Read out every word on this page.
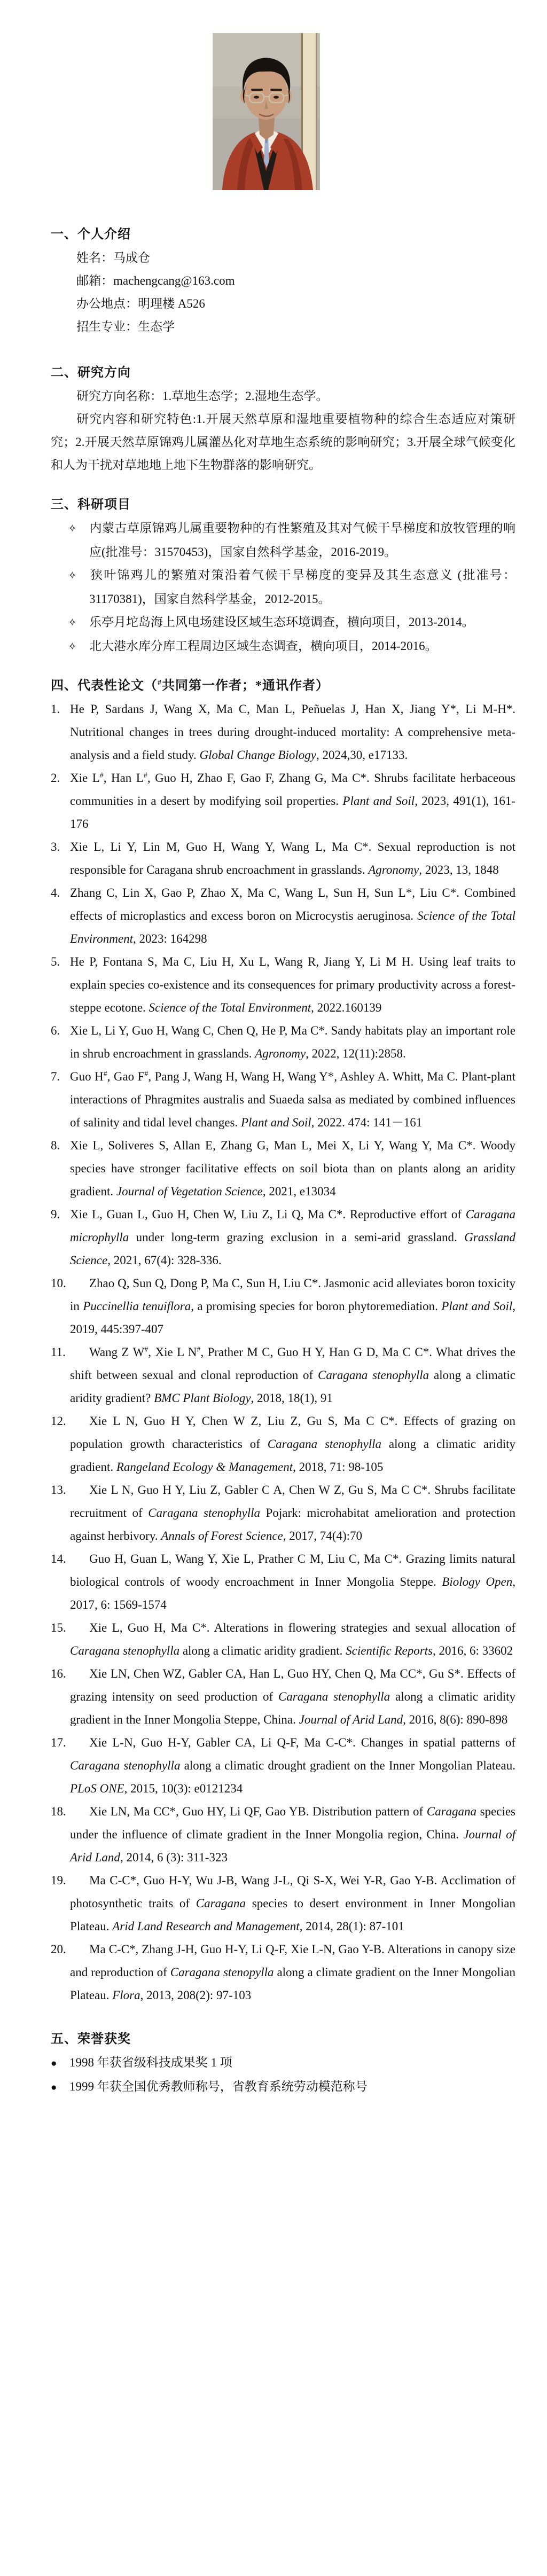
一、个人介绍
姓名：马成仓
邮箱：machengcang@163.com
办公地点：明理楼 A526
招生专业：生态学
二、研究方向

研究方向名称：1.草地生态学；2.湿地生态学。

研究内容和研究特色:1.开展天然草原和湿地重要植物种的综合生态适应对策研究；2.开展天然草原锦鸡儿属灌丛化对草地生态系统的影响研究；3.开展全球气候变化和人为干扰对草地地上地下生物群落的影响研究。

三、科研项目
✧ 内蒙古草原锦鸡儿属重要物种的有性繁殖及其对气候干旱梯度和放牧管理的响应(批准号：31570453)，国家自然科学基金，2016-2019。
✧ 狭叶锦鸡儿的繁殖对策沿着气候干旱梯度的变异及其生态意义 (批准号：31170381)，国家自然科学基金，2012-2015。
✧ 乐亭月坨岛海上风电场建设区域生态环境调查，横向项目，2013-2014。
✧ 北大港水库分库工程周边区域生态调查，横向项目，2014-2016。
四、代表性论文（#共同第一作者；*通讯作者）
1. He P, Sardans J, Wang X, Ma C, Man L, Peñuelas J, Han X, Jiang Y*, Li M-H*. Nutritional changes in trees during drought-induced mortality: A comprehensive meta-analysis and a field study. Global Change Biology, 2024,30, e17133.
2. Xie L#, Han L#, Guo H, Zhao F, Gao F, Zhang G, Ma C*. Shrubs facilitate herbaceous communities in a desert by modifying soil properties. Plant and Soil, 2023, 491(1), 161-176
3. Xie L, Li Y, Lin M, Guo H, Wang Y, Wang L, Ma C*. Sexual reproduction is not responsible for Caragana shrub encroachment in grasslands. Agronomy, 2023, 13, 1848
4. Zhang C, Lin X, Gao P, Zhao X, Ma C, Wang L, Sun H, Sun L*, Liu C*. Combined effects of microplastics and excess boron on Microcystis aeruginosa. Science of the Total Environment, 2023: 164298
5. He P, Fontana S, Ma C, Liu H, Xu L, Wang R, Jiang Y, Li M H. Using leaf traits to explain species co-existence and its consequences for primary productivity across a forest-steppe ecotone. Science of the Total Environment, 2022.160139
6. Xie L, Li Y, Guo H, Wang C, Chen Q, He P, Ma C*. Sandy habitats play an important role in shrub encroachment in grasslands. Agronomy, 2022, 12(11):2858.
7. Guo H#, Gao F#, Pang J, Wang H, Wang H, Wang Y*, Ashley A. Whitt, Ma C. Plant-plant interactions of Phragmites australis and Suaeda salsa as mediated by combined influences of salinity and tidal level changes. Plant and Soil, 2022. 474: 141－161
8. Xie L, Soliveres S, Allan E, Zhang G, Man L, Mei X, Li Y, Wang Y, Ma C*. Woody species have stronger facilitative effects on soil biota than on plants along an aridity gradient. Journal of Vegetation Science, 2021, e13034
9. Xie L, Guan L, Guo H, Chen W, Liu Z, Li Q, Ma C*. Reproductive effort of Caragana microphylla under long-term grazing exclusion in a semi-arid grassland. Grassland Science, 2021, 67(4): 328-336.
10. Zhao Q, Sun Q, Dong P, Ma C, Sun H, Liu C*. Jasmonic acid alleviates boron toxicity in Puccinellia tenuiflora, a promising species for boron phytoremediation. Plant and Soil, 2019, 445:397-407
11. Wang Z W#, Xie L N#, Prather M C, Guo H Y, Han G D, Ma C C*. What drives the shift between sexual and clonal reproduction of Caragana stenophylla along a climatic aridity gradient? BMC Plant Biology, 2018, 18(1), 91
12. Xie L N, Guo H Y, Chen W Z, Liu Z, Gu S, Ma C C*. Effects of grazing on population growth characteristics of Caragana stenophylla along a climatic aridity gradient. Rangeland Ecology & Management, 2018, 71: 98-105
13. Xie L N, Guo H Y, Liu Z, Gabler C A, Chen W Z, Gu S, Ma C C*. Shrubs facilitate recruitment of Caragana stenophylla Pojark: microhabitat amelioration and protection against herbivory. Annals of Forest Science, 2017, 74(4):70
14. Guo H, Guan L, Wang Y, Xie L, Prather C M, Liu C, Ma C*. Grazing limits natural biological controls of woody encroachment in Inner Mongolia Steppe. Biology Open, 2017, 6: 1569-1574
15. Xie L, Guo H, Ma C*. Alterations in flowering strategies and sexual allocation of Caragana stenophylla along a climatic aridity gradient. Scientific Reports, 2016, 6: 33602
16. Xie LN, Chen WZ, Gabler CA, Han L, Guo HY, Chen Q, Ma CC*, Gu S*. Effects of grazing intensity on seed production of Caragana stenophylla along a climatic aridity gradient in the Inner Mongolia Steppe, China. Journal of Arid Land, 2016, 8(6): 890-898
17. Xie L-N, Guo H-Y, Gabler CA, Li Q-F, Ma C-C*. Changes in spatial patterns of Caragana stenophylla along a climatic drought gradient on the Inner Mongolian Plateau. PLoS ONE, 2015, 10(3): e0121234
18. Xie LN, Ma CC*, Guo HY, Li QF, Gao YB. Distribution pattern of Caragana species under the influence of climate gradient in the Inner Mongolia region, China. Journal of Arid Land, 2014, 6 (3): 311-323
19. Ma C-C*, Guo H-Y, Wu J-B, Wang J-L, Qi S-X, Wei Y-R, Gao Y-B. Acclimation of photosynthetic traits of Caragana species to desert environment in Inner Mongolian Plateau. Arid Land Research and Management, 2014, 28(1): 87-101
20. Ma C-C*, Zhang J-H, Guo H-Y, Li Q-F, Xie L-N, Gao Y-B. Alterations in canopy size and reproduction of Caragana stenopylla along a climate gradient on the Inner Mongolian Plateau. Flora, 2013, 208(2): 97-103
五、荣誉获奖
● 1998 年获省级科技成果奖 1 项
● 1999 年获全国优秀教师称号，省教育系统劳动模范称号
